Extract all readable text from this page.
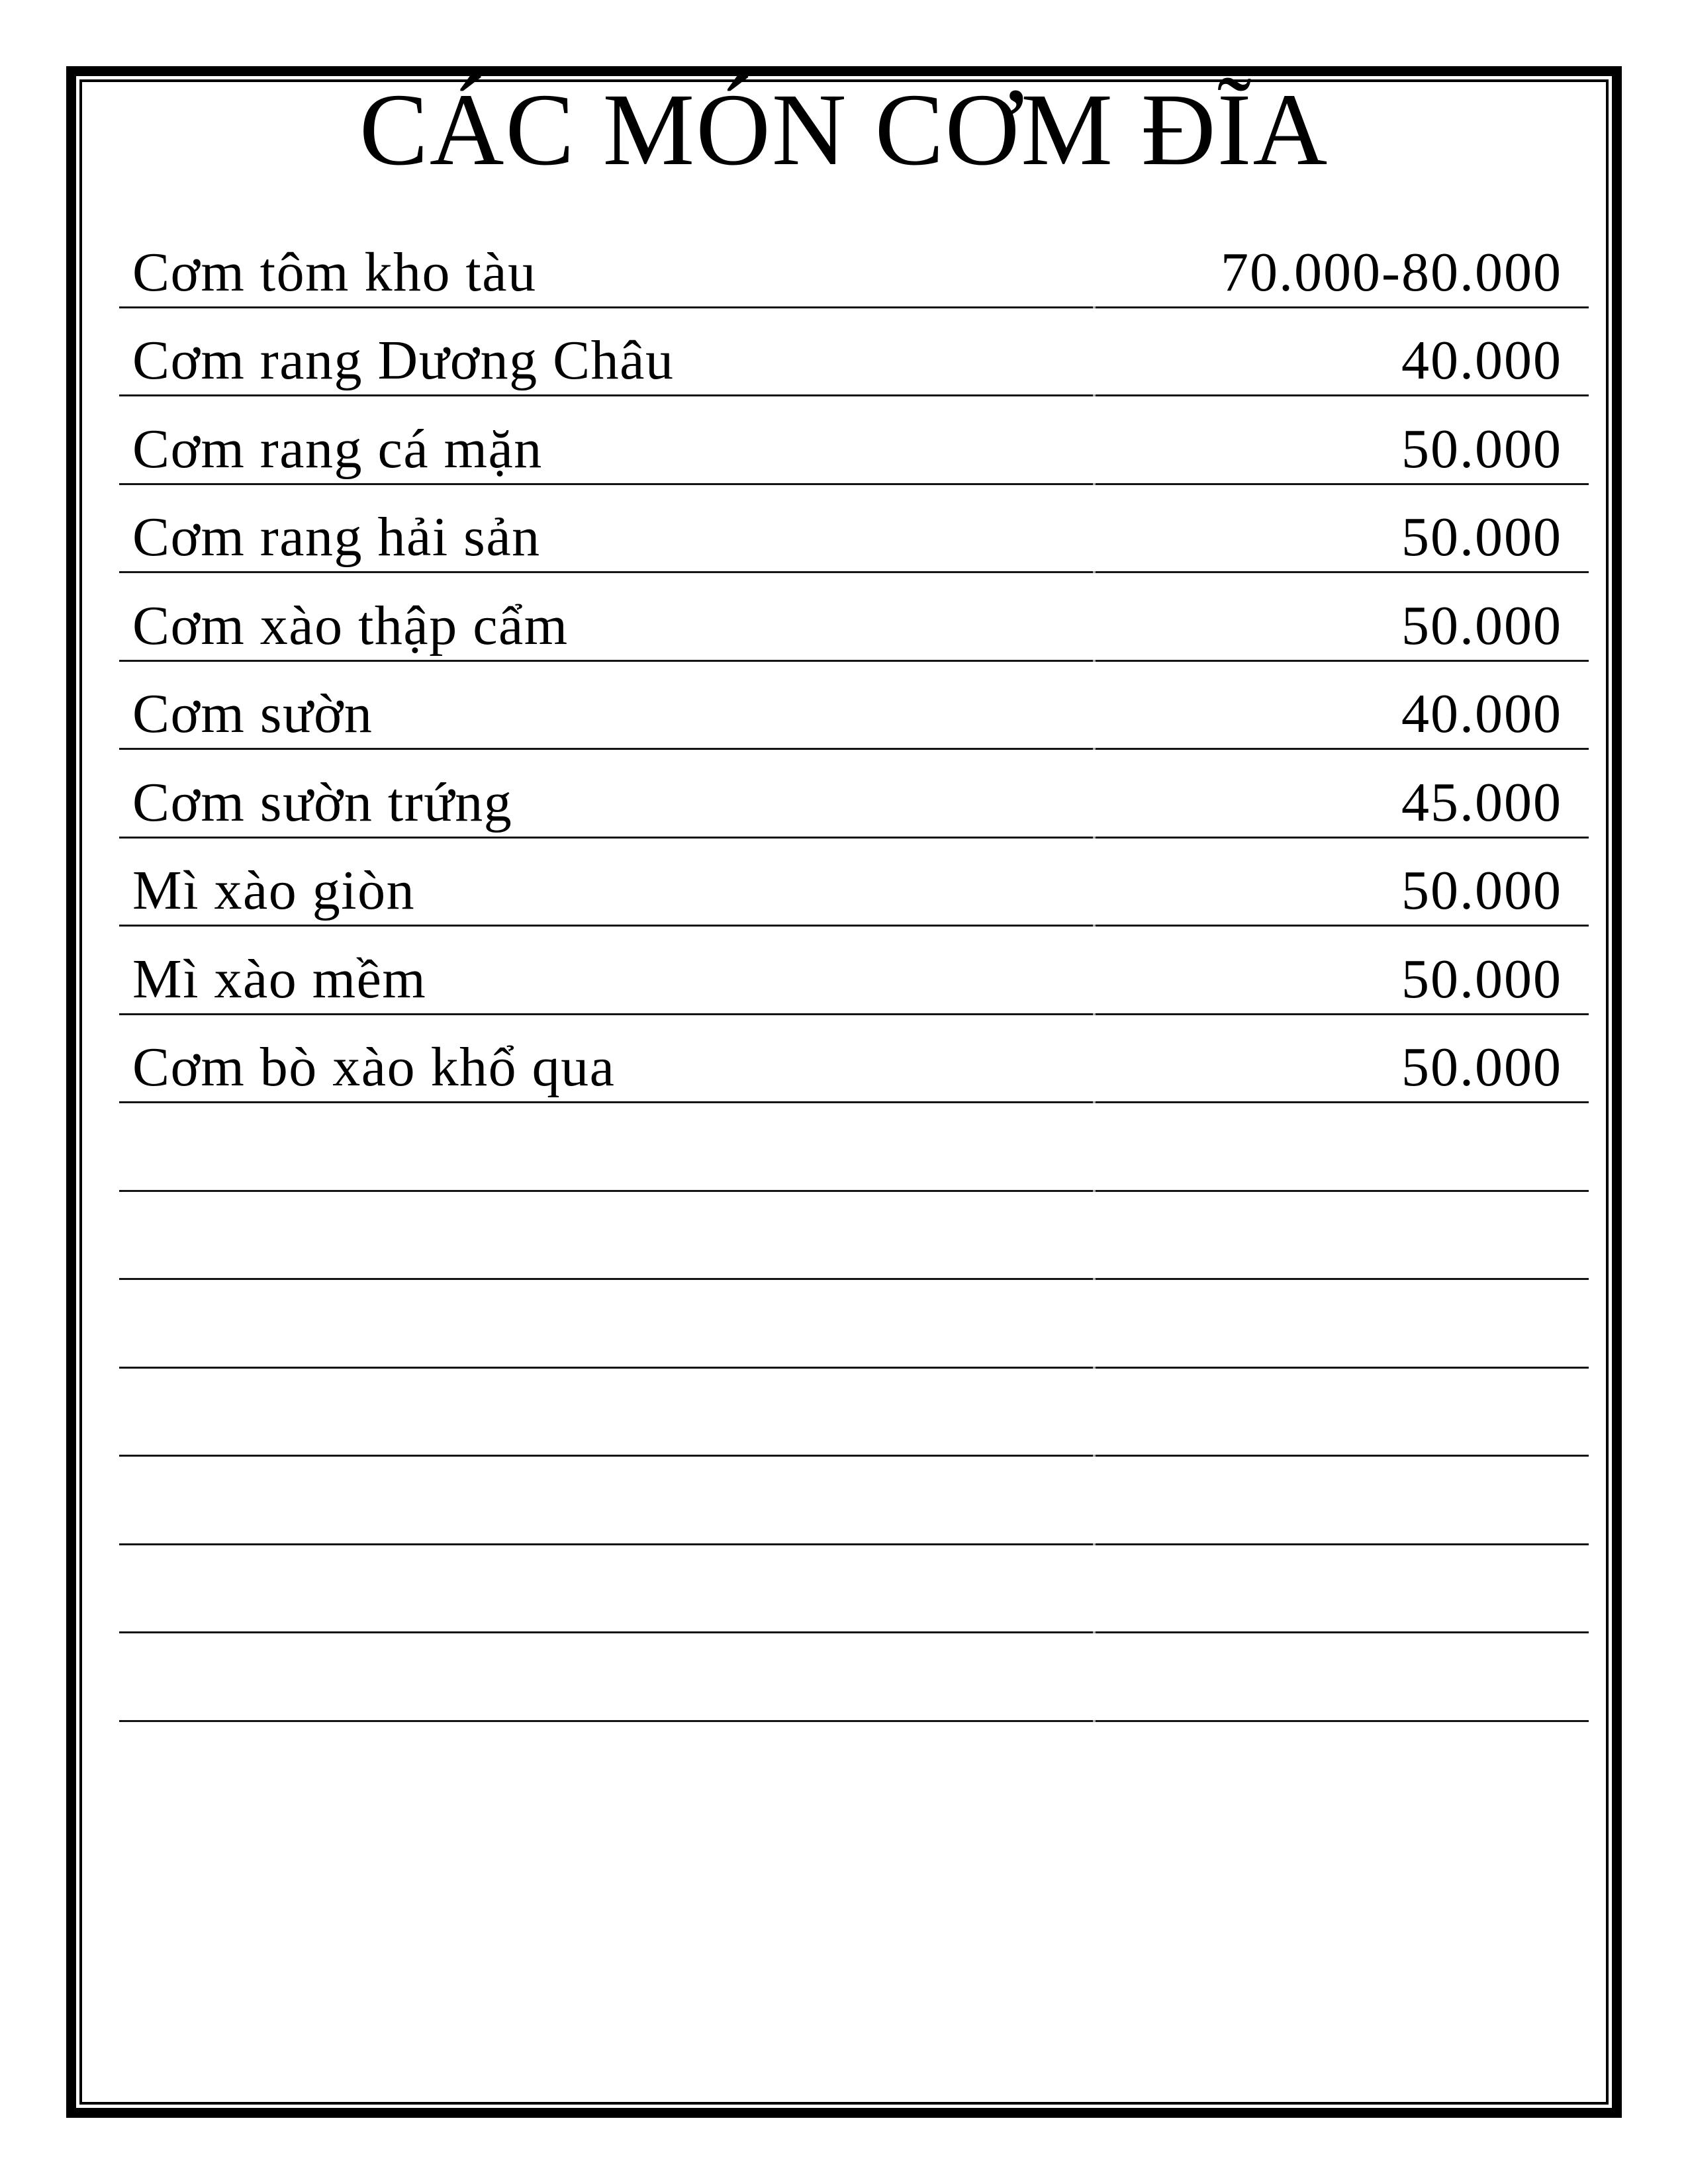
CÁC MÓN CƠM ĐĨA
Cơm tôm kho tàu	70.000-80.000
Cơm rang Dương Châu	40.000
Cơm rang cá mặn	50.000
Cơm rang hải sản	50.000
Cơm xào thập cẩm	50.000
Cơm sườn	40.000
Cơm sườn trứng	45.000
Mì xào giòn	50.000
Mì xào mềm	50.000
Cơm bò xào khổ qua	50.000
